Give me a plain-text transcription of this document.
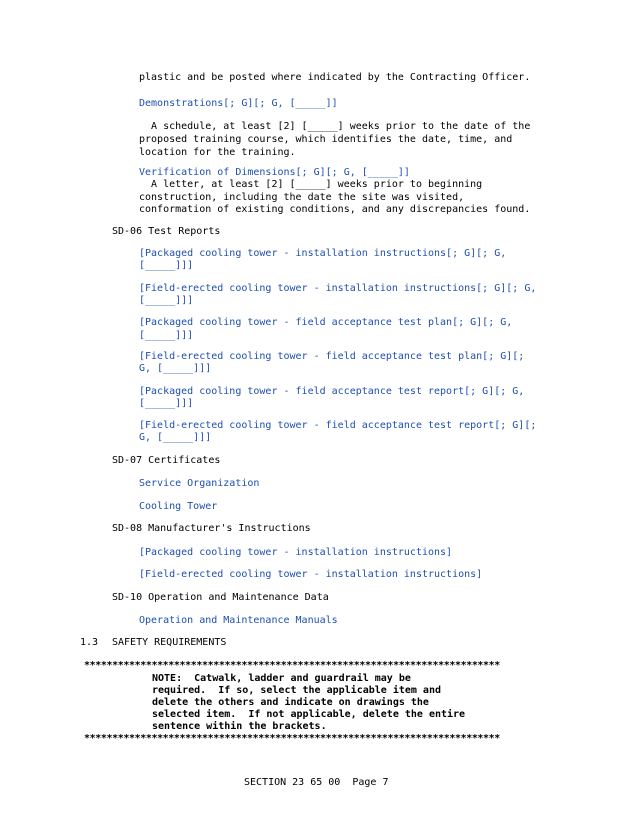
plastic and be posted where indicated by the Contracting Officer.
Demonstrations[; G][; G, [_____]]
A schedule, at least [2] [_____] weeks prior to the date of the
proposed training course, which identifies the date, time, and
location for the training.
Verification of Dimensions[; G][; G, [_____]]
A letter, at least [2] [_____] weeks prior to beginning
construction, including the date the site was visited,
conformation of existing conditions, and any discrepancies found.
SD-06 Test Reports
[Packaged cooling tower - installation instructions[; G][; G,
[_____]]]
[Field-erected cooling tower - installation instructions[; G][; G,
[_____]]]
[Packaged cooling tower - field acceptance test plan[; G][; G,
[_____]]]
[Field-erected cooling tower - field acceptance test plan[; G][;
G, [_____]]]
[Packaged cooling tower - field acceptance test report[; G][; G,
[_____]]]
[Field-erected cooling tower - field acceptance test report[; G][;
G, [_____]]]
SD-07 Certificates
Service Organization
Cooling Tower
SD-08 Manufacturer's Instructions
[Packaged cooling tower - installation instructions]
[Field-erected cooling tower - installation instructions]
SD-10 Operation and Maintenance Data
Operation and Maintenance Manuals
1.3 SAFETY REQUIREMENTS
**************************************************************************
NOTE:  Catwalk, ladder and guardrail may be
required.  If so, select the applicable item and
delete the others and indicate on drawings the
selected item.  If not applicable, delete the entire
sentence within the brackets.
**************************************************************************
SECTION 23 65 00  Page 7
